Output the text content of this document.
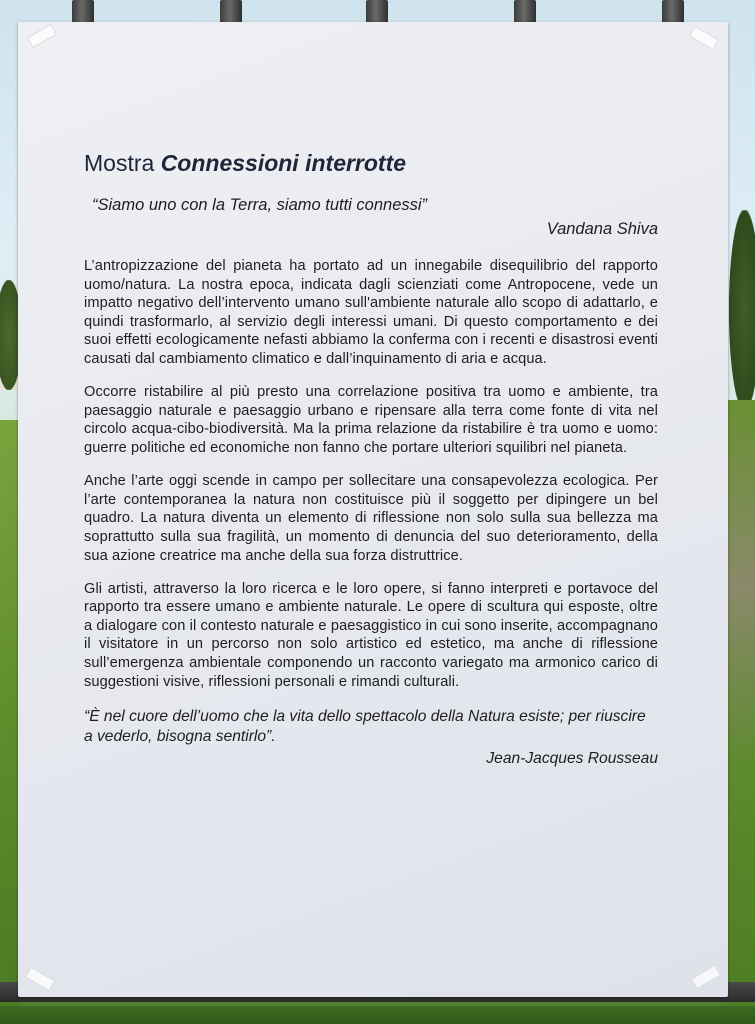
Mostra Connessioni interrotte
“Siamo uno con la Terra, siamo tutti connessi”
Vandana Shiva

L’antropizzazione del pianeta ha portato ad un innegabile disequilibrio del rapporto uomo/natura. La nostra epoca, indicata dagli scienziati come Antropocene, vede un impatto negativo dell’intervento umano sull'ambiente naturale allo scopo di adattarlo, e quindi trasformarlo, al servizio degli interessi umani. Di questo comportamento e dei suoi effetti ecologicamente nefasti abbiamo la conferma con i recenti e disastrosi eventi causati dal cambiamento climatico e dall’inquinamento di aria e acqua.

Occorre ristabilire al più presto una correlazione positiva tra uomo e ambiente, tra paesaggio naturale e paesaggio urbano e ripensare alla terra come fonte di vita nel circolo acqua-cibo-biodiversità. Ma la prima relazione da ristabilire è tra uomo e uomo: guerre politiche ed economiche non fanno che portare ulteriori squilibri nel pianeta.

Anche l’arte oggi scende in campo per sollecitare una consapevolezza ecologica. Per l’arte contemporanea la natura non costituisce più il soggetto per dipingere un bel quadro. La natura diventa un elemento di riflessione non solo sulla sua bellezza ma soprattutto sulla sua fragilità, un momento di denuncia del suo deterioramento, della sua azione creatrice ma anche della sua forza distruttrice.

Gli artisti, attraverso la loro ricerca e le loro opere, si fanno interpreti e portavoce del rapporto tra essere umano e ambiente naturale. Le opere di scultura qui esposte, oltre a dialogare con il contesto naturale e paesaggistico in cui sono inserite, accompagnano il visitatore in un percorso non solo artistico ed estetico, ma anche di riflessione sull’emergenza ambientale componendo un racconto variegato ma armonico carico di suggestioni visive, riflessioni personali e rimandi culturali.

“È nel cuore dell’uomo che la vita dello spettacolo della Natura esiste; per riuscire a vederlo, bisogna sentirlo”.
Jean-Jacques Rousseau
